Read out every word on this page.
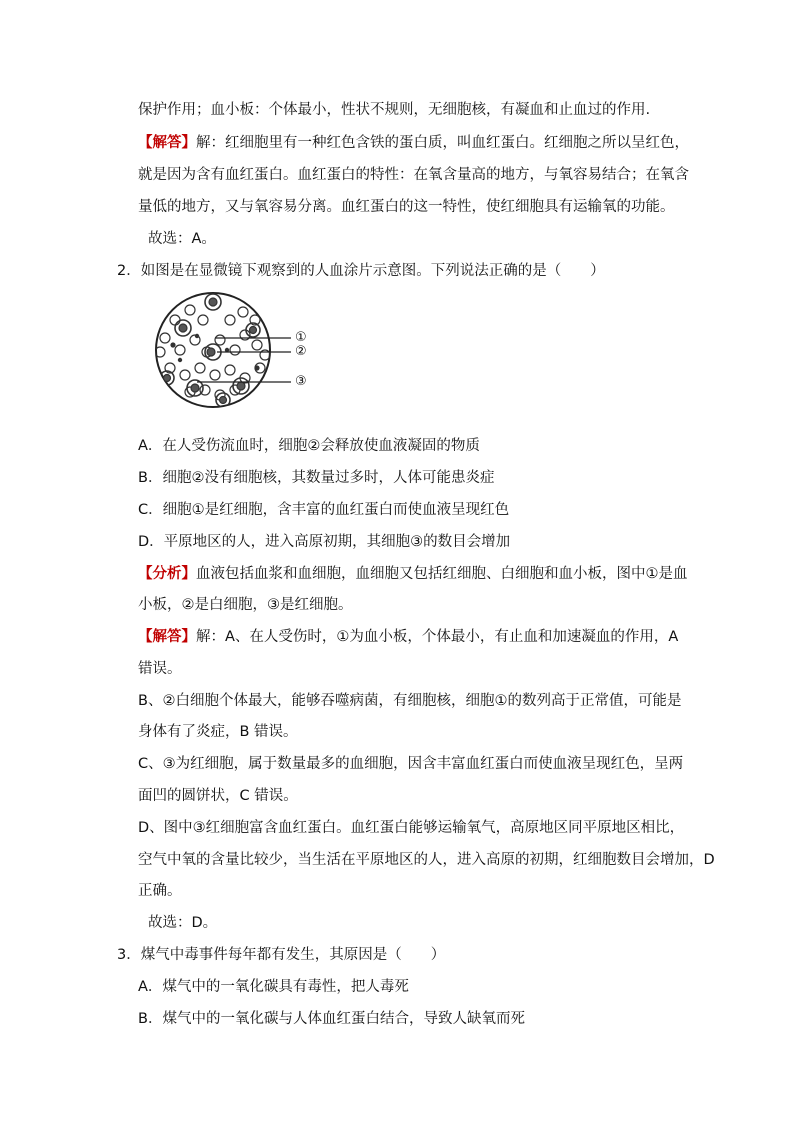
保护作用；血小板：个体最小，性状不规则，无细胞核，有凝血和止血过的作用.
【解答】解：红细胞里有一种红色含铁的蛋白质，叫血红蛋白。红细胞之所以呈红色，
就是因为含有血红蛋白。血红蛋白的特性：在氧含量高的地方，与氧容易结合；在氧含
量低的地方，又与氧容易分离。血红蛋白的这一特性，使红细胞具有运输氧的功能。
故选：A。
2．如图是在显微镜下观察到的人血涂片示意图。下列说法正确的是（　　）
①
②
③
A．在人受伤流血时，细胞②会释放使血液凝固的物质
B．细胞②没有细胞核，其数量过多时，人体可能患炎症
C．细胞①是红细胞，含丰富的血红蛋白而使血液呈现红色
D．平原地区的人，进入高原初期，其细胞③的数目会增加
【分析】血液包括血浆和血细胞，血细胞又包括红细胞、白细胞和血小板，图中①是血
小板，②是白细胞，③是红细胞。
【解答】解：A、在人受伤时，①为血小板，个体最小，有止血和加速凝血的作用，A
错误。
B、②白细胞个体最大，能够吞噬病菌，有细胞核，细胞①的数列高于正常值，可能是
身体有了炎症，B 错误。
C、③为红细胞，属于数量最多的血细胞，因含丰富血红蛋白而使血液呈现红色，呈两
面凹的圆饼状，C 错误。
D、图中③红细胞富含血红蛋白。血红蛋白能够运输氧气，高原地区同平原地区相比，
空气中氧的含量比较少，当生活在平原地区的人，进入高原的初期，红细胞数目会增加，D
正确。
故选：D。
3．煤气中毒事件每年都有发生，其原因是（　　）
A．煤气中的一氧化碳具有毒性，把人毒死
B．煤气中的一氧化碳与人体血红蛋白结合，导致人缺氧而死
